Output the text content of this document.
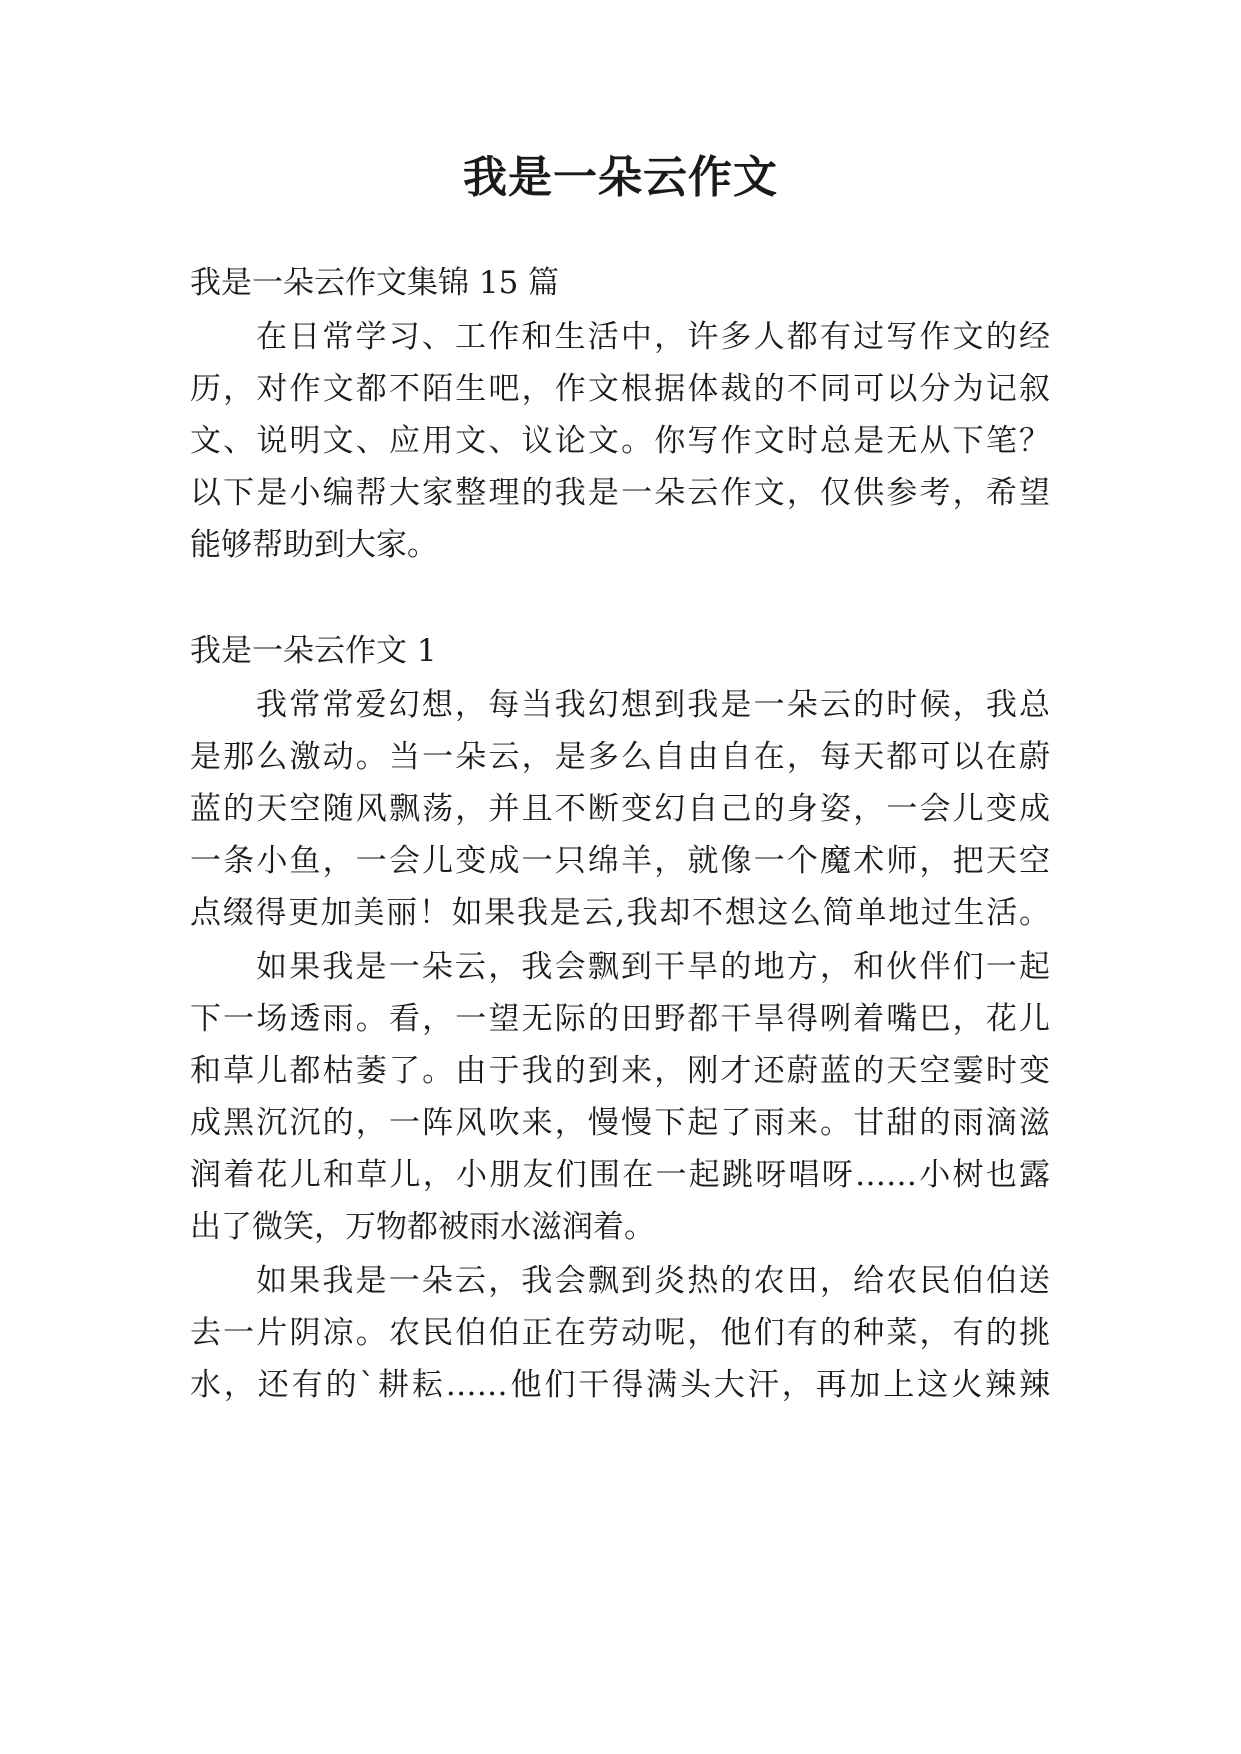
我是一朵云作文

我是一朵云作文集锦 15 篇

在日常学习、工作和生活中，许多人都有过写作文的经

历，对作文都不陌生吧，作文根据体裁的不同可以分为记叙

文、说明文、应用文、议论文。你写作文时总是无从下笔？

以下是小编帮大家整理的我是一朵云作文，仅供参考，希望

能够帮助到大家。

我是一朵云作文 1

我常常爱幻想，每当我幻想到我是一朵云的时候，我总

是那么激动。当一朵云，是多么自由自在，每天都可以在蔚

蓝的天空随风飘荡，并且不断变幻自己的身姿，一会儿变成

一条小鱼，一会儿变成一只绵羊，就像一个魔术师，把天空

点缀得更加美丽！如果我是云,我却不想这么简单地过生活。

如果我是一朵云，我会飘到干旱的地方，和伙伴们一起

下一场透雨。看，一望无际的田野都干旱得咧着嘴巴，花儿

和草儿都枯萎了。由于我的到来，刚才还蔚蓝的天空霎时变

成黑沉沉的，一阵风吹来，慢慢下起了雨来。甘甜的雨滴滋

润着花儿和草儿，小朋友们围在一起跳呀唱呀……小树也露

出了微笑，万物都被雨水滋润着。

如果我是一朵云，我会飘到炎热的农田，给农民伯伯送

去一片阴凉。农民伯伯正在劳动呢，他们有的种菜，有的挑

水，还有的`耕耘……他们干得满头大汗，再加上这火辣辣
